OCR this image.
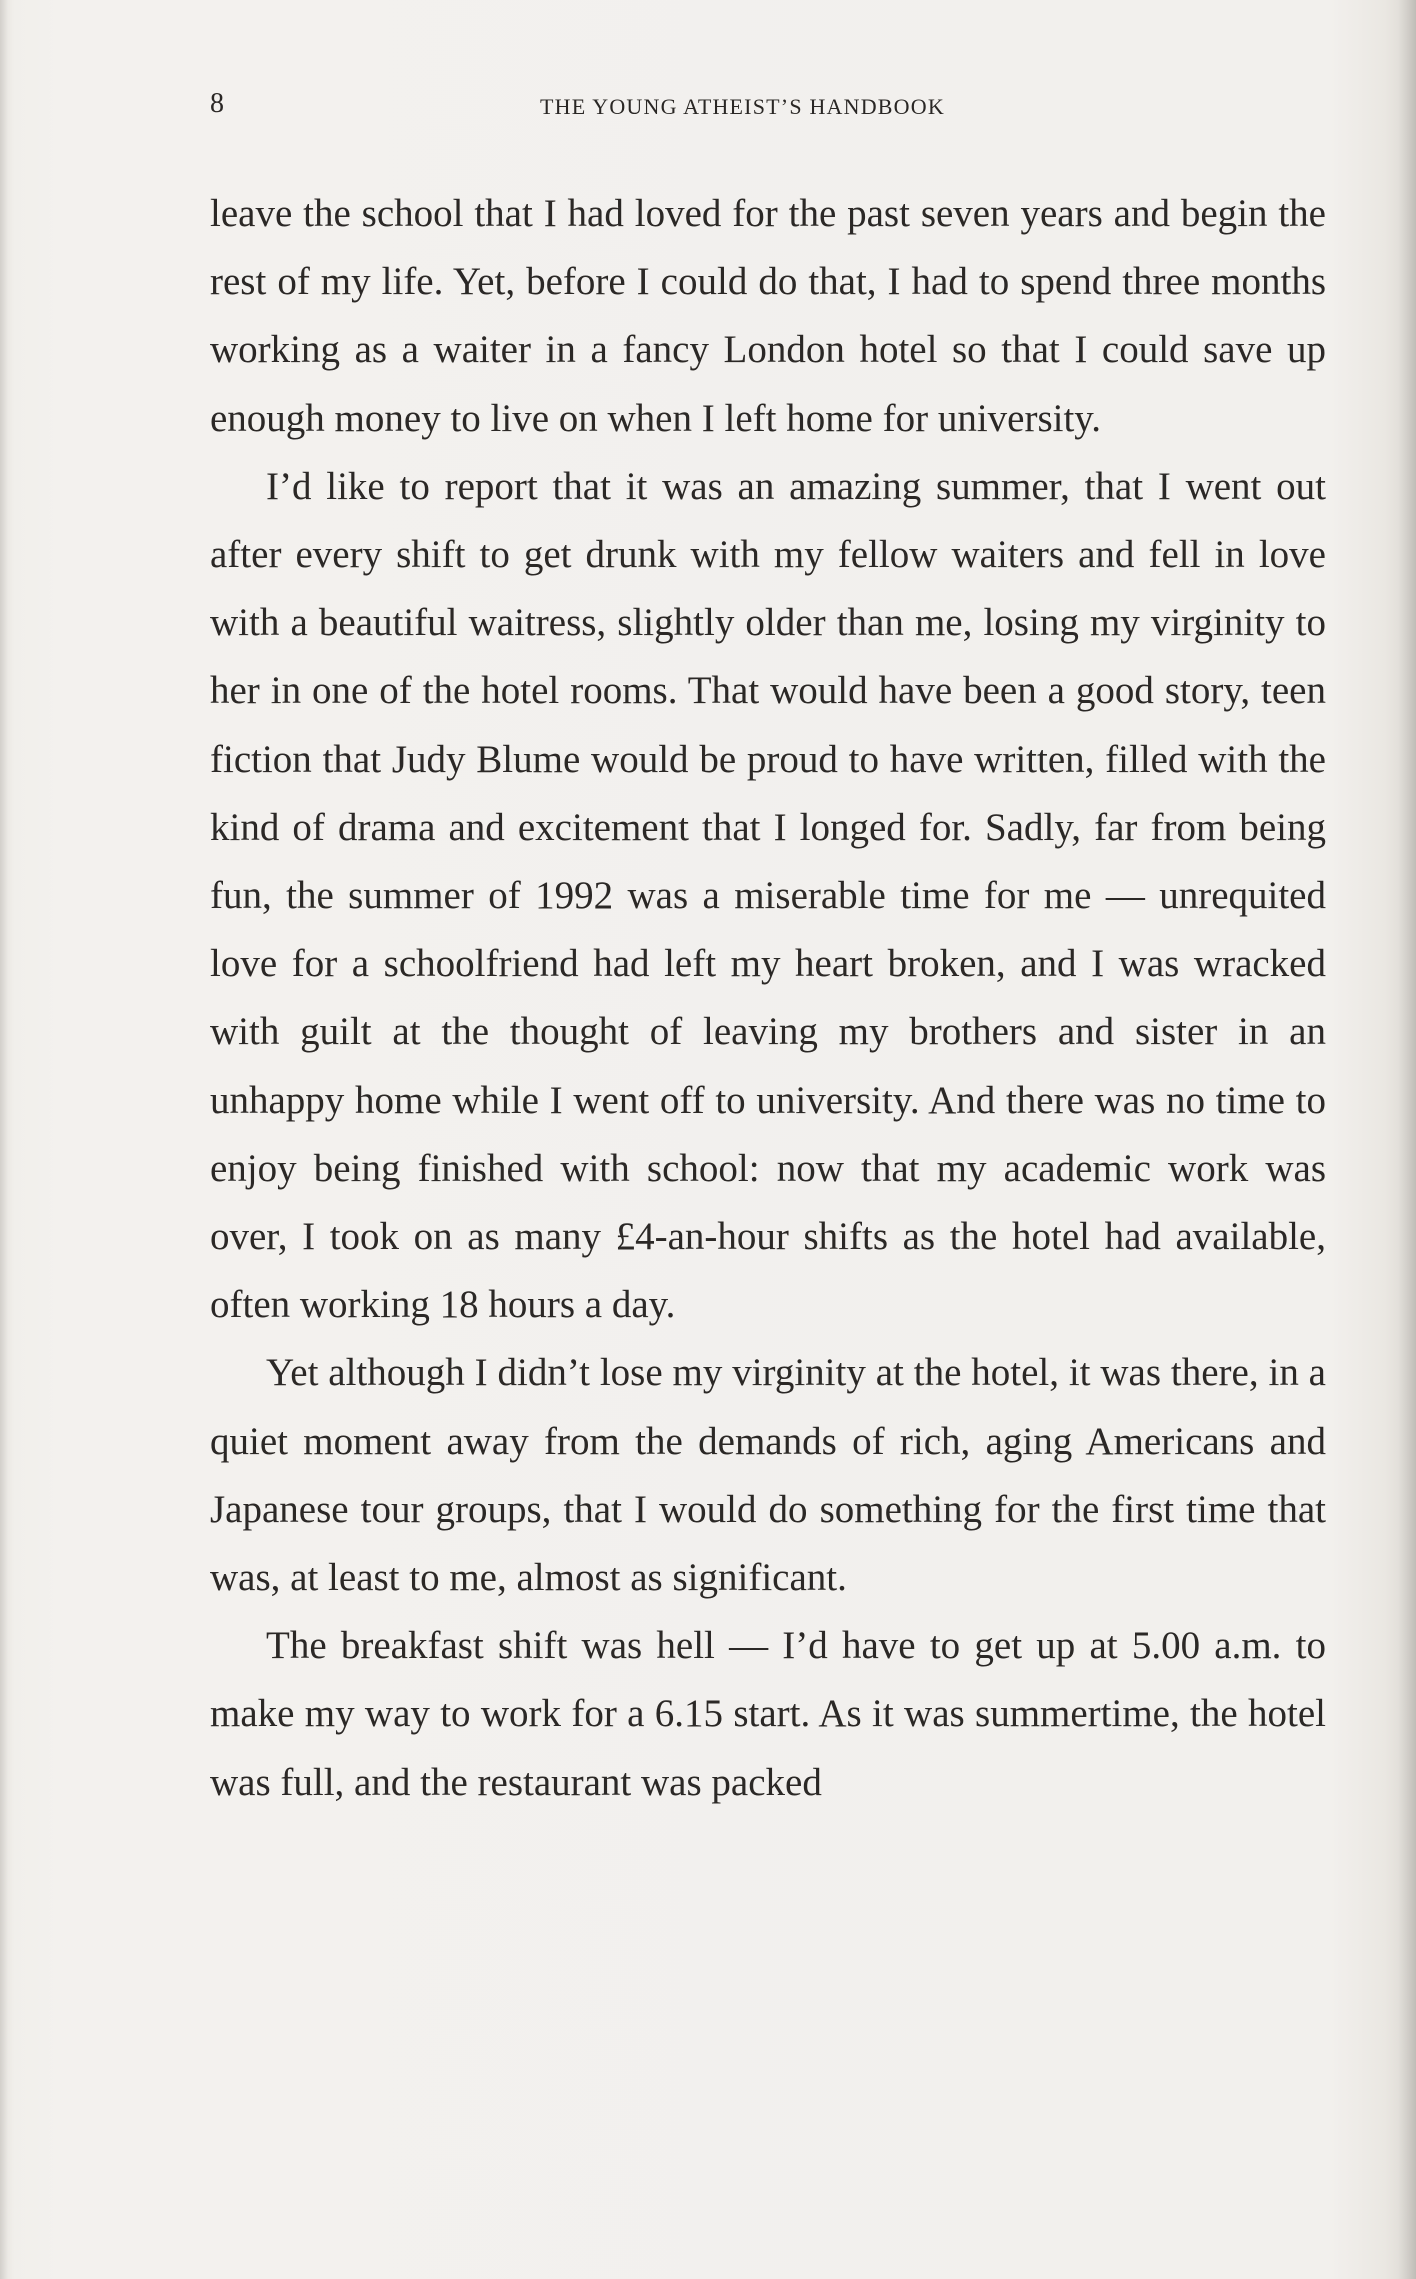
8	THE YOUNG ATHEIST’S HANDBOOK

leave the school that I had loved for the past seven years and begin the rest of my life. Yet, before I could do that, I had to spend three months working as a waiter in a fancy London hotel so that I could save up enough money to live on when I left home for university.

I’d like to report that it was an amazing summer, that I went out after every shift to get drunk with my fellow waiters and fell in love with a beautiful waitress, slightly older than me, losing my virginity to her in one of the hotel rooms. That would have been a good story, teen fiction that Judy Blume would be proud to have written, filled with the kind of drama and excitement that I longed for. Sadly, far from being fun, the summer of 1992 was a miserable time for me — unrequited love for a schoolfriend had left my heart broken, and I was wracked with guilt at the thought of leaving my brothers and sister in an unhappy home while I went off to university. And there was no time to enjoy being finished with school: now that my academic work was over, I took on as many £4-an-hour shifts as the hotel had available, often working 18 hours a day.

Yet although I didn’t lose my virginity at the hotel, it was there, in a quiet moment away from the demands of rich, aging Americans and Japanese tour groups, that I would do something for the first time that was, at least to me, almost as significant.

The breakfast shift was hell — I’d have to get up at 5.00 a.m. to make my way to work for a 6.15 start. As it was summertime, the hotel was full, and the restaurant was packed
